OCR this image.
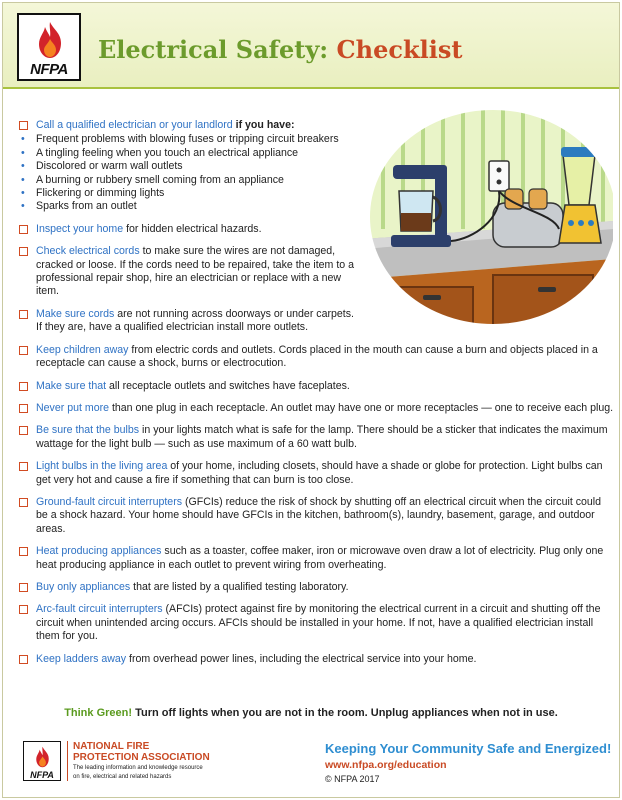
NFPA
Electrical Safety: Checklist
Call a qualified electrician or your landlord if you have:
• Frequent problems with blowing fuses or tripping circuit breakers
• A tingling feeling when you touch an electrical appliance
• Discolored or warm wall outlets
• A burning or rubbery smell coming from an appliance
• Flickering or dimming lights
• Sparks from an outlet
Inspect your home for hidden electrical hazards.
Check electrical cords to make sure the wires are not damaged, cracked or loose. If the cords need to be repaired, take the item to a professional repair shop, hire an electrician or replace with a new item.
Make sure cords are not running across doorways or under carpets. If they are, have a qualified electrician install more outlets.
Keep children away from electric cords and outlets. Cords placed in the mouth can cause a burn and objects placed in a receptacle can cause a shock, burns or electrocution.
Make sure that all receptacle outlets and switches have faceplates.
Never put more than one plug in each receptacle. An outlet may have one or more receptacles — one to receive each plug.
Be sure that the bulbs in your lights match what is safe for the lamp. There should be a sticker that indicates the maximum wattage for the light bulb — such as use maximum of a 60 watt bulb.
Light bulbs in the living area of your home, including closets, should have a shade or globe for protection. Light bulbs can get very hot and cause a fire if something that can burn is too close.
Ground-fault circuit interrupters (GFCIs) reduce the risk of shock by shutting off an electrical circuit when the circuit could be a shock hazard. Your home should have GFCIs in the kitchen, bathroom(s), laundry, basement, garage, and outdoor areas.
Heat producing appliances such as a toaster, coffee maker, iron or microwave oven draw a lot of electricity. Plug only one heat producing appliance in each outlet to prevent wiring from overheating.
Buy only appliances that are listed by a qualified testing laboratory.
Arc-fault circuit interrupters (AFCIs) protect against fire by monitoring the electrical current in a circuit and shutting off the circuit when unintended arcing occurs. AFCIs should be installed in your home. If not, have a qualified electrician install them for you.
Keep ladders away from overhead power lines, including the electrical service into your home.
Think Green! Turn off lights when you are not in the room. Unplug appliances when not in use.
NFPA
NATIONAL FIRE
PROTECTION ASSOCIATION
The leading information and knowledge resource
on fire, electrical and related hazards
Keeping Your Community Safe and Energized!
www.nfpa.org/education
© NFPA 2017
